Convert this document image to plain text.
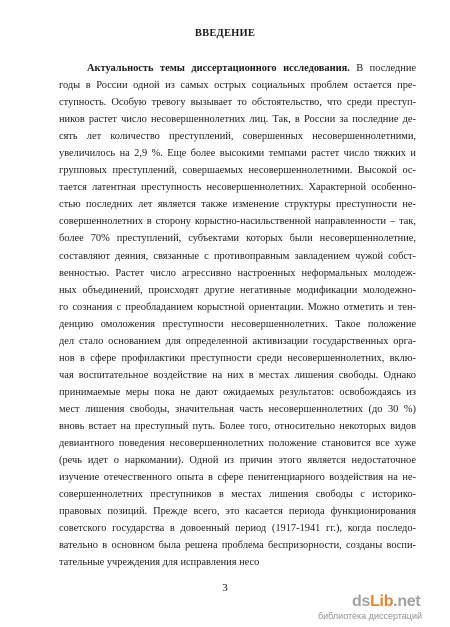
ВВЕДЕНИЕ
Актуальность темы диссертационного исследования. В последние
годы в России одной из самых острых социальных проблем остается пре-
ступность. Особую тревогу вызывает то обстоятельство, что среди преступ-
ников растет число несовершеннолетних лиц. Так, в России за последние де-
сять лет количество преступлений, совершенных несовершеннолетними,
увеличилось на 2,9 %. Еще более высокими темпами растет число тяжких и
групповых преступлений, совершаемых несовершеннолетними. Высокой ос-
тается латентная преступность несовершеннолетних. Характерной особенно-
стью последних лет является также изменение структуры преступности не-
совершеннолетних в сторону корыстно-насильственной направленности – так,
более 70% преступлений, субъектами которых были несовершеннолетние,
составляют деяния, связанные с противоправным завладением чужой собст-
венностью. Растет число агрессивно настроенных неформальных молодеж-
ных объединений, происходят другие негативные модификации молодежно-
го сознания с преобладанием корыстной ориентации. Можно отметить и тен-
денцию омоложения преступности несовершеннолетних. Такое положение
дел стало основанием для определенной активизации государственных орга-
нов в сфере профилактики преступности среди несовершеннолетних, вклю-
чая воспитательное воздействие на них в местах лишения свободы. Однако
принимаемые меры пока не дают ожидаемых результатов: освобождаясь из
мест лишения свободы, значительная часть несовершеннолетних (до 30 %)
вновь встает на преступный путь. Более того, относительно некоторых видов
девиантного поведения несовершеннолетних положение становится все хуже
(речь идет о наркомании). Одной из причин этого является недостаточное
изучение отечественного опыта в сфере пенитенциарного воздействия на не-
совершеннолетних преступников в местах лишения свободы с историко-
правовых позиций. Прежде всего, это касается периода функционирования
советского государства в довоенный период (1917-1941 гг.), когда последо-
вательно в основном была решена проблема беспризорности, созданы воспи-
тательные учреждения для исправления несо
3
dsLib.net
библиотека диссертаций
